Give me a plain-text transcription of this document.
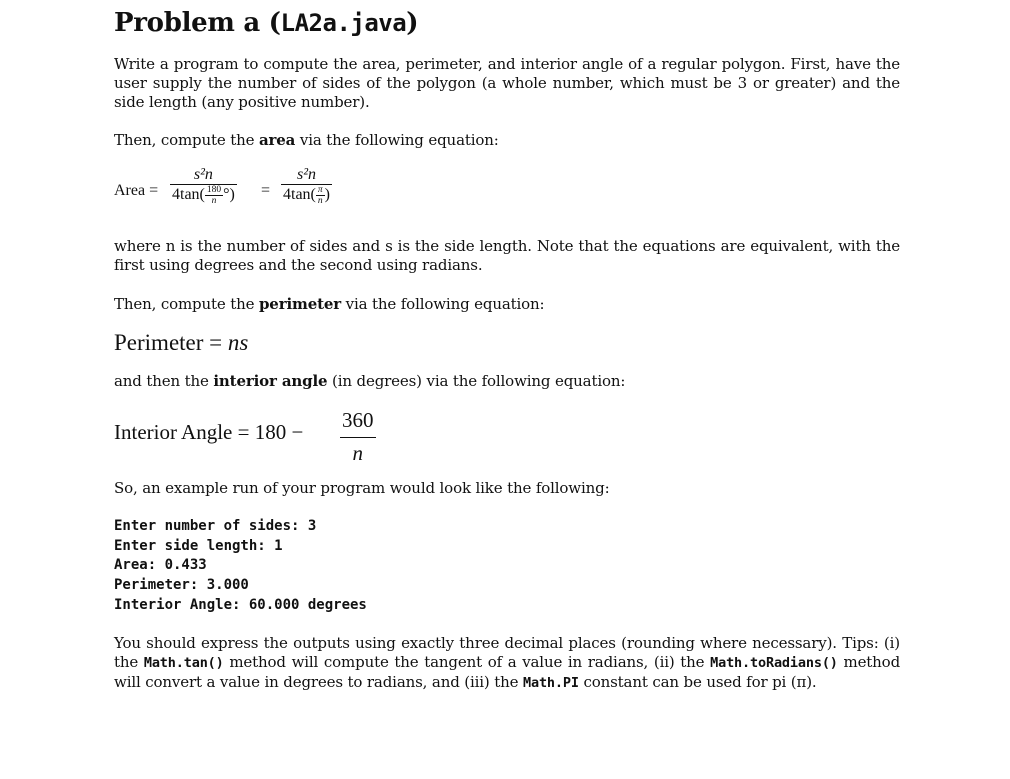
Problem a (LA2a.java)

Write a program to compute the area, perimeter, and interior angle of a regular polygon. First, have the user supply the number of sides of the polygon (a whole number, which must be 3 or greater) and the side length (any positive number).

Then, compute the area via the following equation:

Area = $\frac{\text{s²n}}{4\tan( \frac{180}{n} ^\circ)} = \frac{\text{s²n}}{4\tan( \frac{\pi}{n} )}$

where n is the number of sides and s is the side length. Note that the equations are equivalent, with the first using degrees and the second using radians.

Then, compute the perimeter via the following equation:

Perimeter = ns

and then the interior angle (in degrees) via the following equation:

Interior Angle = $180 - \frac{360}{n}$

So, an example run of your program would look like the following:

Enter number of sides: 3
Enter side length: 1
Area: 0.433
Perimeter: 3.000
Interior Angle: 60.000 degrees

You should express the outputs using exactly three decimal places (rounding where necessary). Tips: (i) the Math.tan() method will compute the tangent of a value in radians, (ii) the Math.toRadians() method will convert a value in degrees to radians, and (iii) the Math.PI constant can be used for pi (π).
